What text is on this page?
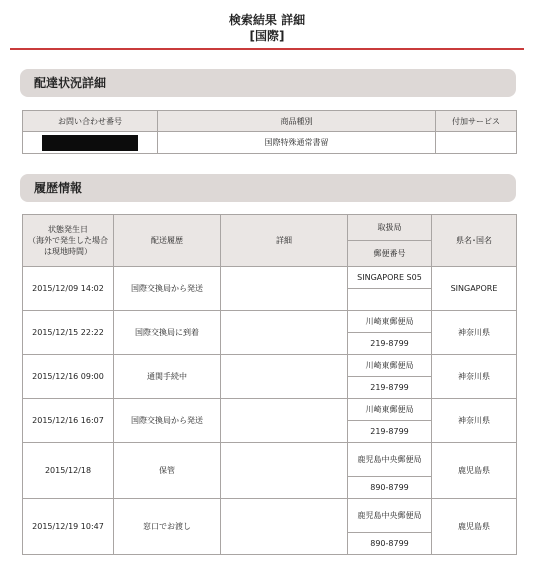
検索結果 詳細
[国際]
配達状況詳細
お問い合わせ番号	商品種別	付加サービス
	国際特殊通常書留	
履歴情報
状態発生日
（海外で発生した場合は現地時間）	配送履歴	詳細	取扱局	県名･国名
			郵便番号	
2015/12/09 14:02	国際交換局から発送		SINGAPORE S05	SINGAPORE

2015/12/15 22:22	国際交換局に到着		川崎東郵便局	神奈川県
			219-8799	
2015/12/16 09:00	通関手続中		川崎東郵便局	神奈川県
			219-8799	
2015/12/16 16:07	国際交換局から発送		川崎東郵便局	神奈川県
			219-8799	
2015/12/18	保管		鹿児島中央郵便局	鹿児島県
			890-8799	
2015/12/19 10:47	窓口でお渡し		鹿児島中央郵便局	鹿児島県
			890-8799	
